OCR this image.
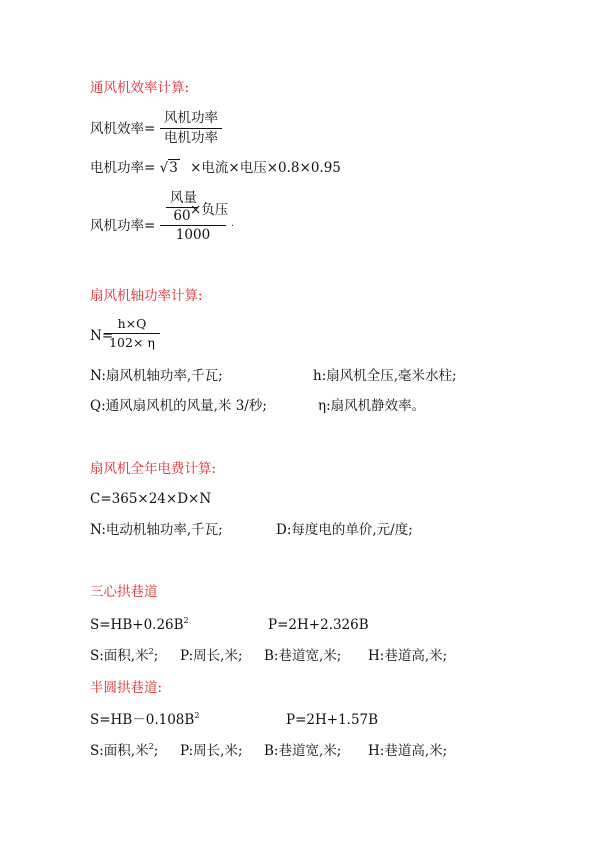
通风机效率计算:
风机效率=
风机功率
电机功率
电机功率= √3 ×电流×电压×0.8×0.95
风机功率=
风量
60 ×负压
1000
.
扇风机轴功率计算:
N=
h×Q
102× η
N:扇风机轴功率,千瓦;	h:扇风机全压,毫米水柱;
Q:通风扇风机的风量,米 3/秒;	η:扇风机静效率。
扇风机全年电费计算:
C=365×24×D×N
N:电动机轴功率,千瓦;	D:每度电的单价,元/度;
三心拱巷道
$S=HB+0.26B^2$	P=2H+2.326B
S:面积,米$^2$; P:周长,米; B:巷道宽,米; H:巷道高,米;
半圆拱巷道:
$S=HB-0.108B^2$	P=2H+1.57B
S:面积,米$^2$; P:周长,米; B:巷道宽,米; H:巷道高,米;
